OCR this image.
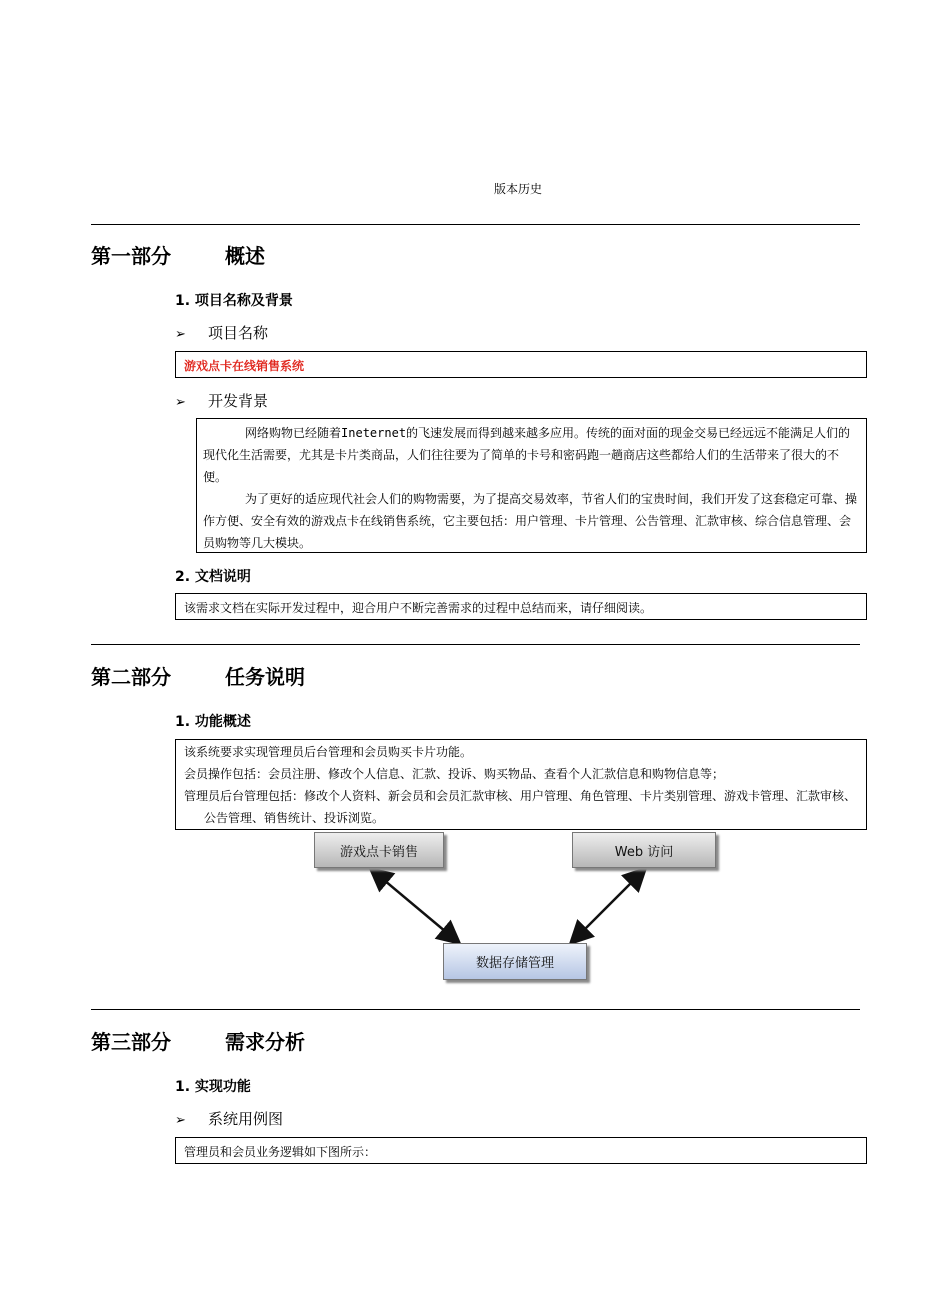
版本历史
第一部分	概述
1. 项目名称及背景
➢ 项目名称
游戏点卡在线销售系统
➢ 开发背景

网络购物已经随着Ineternet的飞速发展而得到越来越多应用。传统的面对面的现金交易已经远远不能满足人们的现代化生活需要，尤其是卡片类商品，人们往往要为了简单的卡号和密码跑一趟商店这些都给人们的生活带来了很大的不便。

为了更好的适应现代社会人们的购物需要，为了提高交易效率，节省人们的宝贵时间，我们开发了这套稳定可靠、操作方便、安全有效的游戏点卡在线销售系统，它主要包括：用户管理、卡片管理、公告管理、汇款审核、综合信息管理、会员购物等几大模块。

2. 文档说明
该需求文档在实际开发过程中，迎合用户不断完善需求的过程中总结而来，请仔细阅读。
第二部分	任务说明
1. 功能概述

该系统要求实现管理员后台管理和会员购买卡片功能。

会员操作包括：会员注册、修改个人信息、汇款、投诉、购买物品、查看个人汇款信息和购物信息等；

管理员后台管理包括：修改个人资料、新会员和会员汇款审核、用户管理、角色管理、卡片类别管理、游戏卡管理、汇款审核、公告管理、销售统计、投诉浏览。

游戏点卡销售	Web 访问
数据存储管理
第三部分	需求分析
1. 实现功能
➢ 系统用例图
管理员和会员业务逻辑如下图所示：
